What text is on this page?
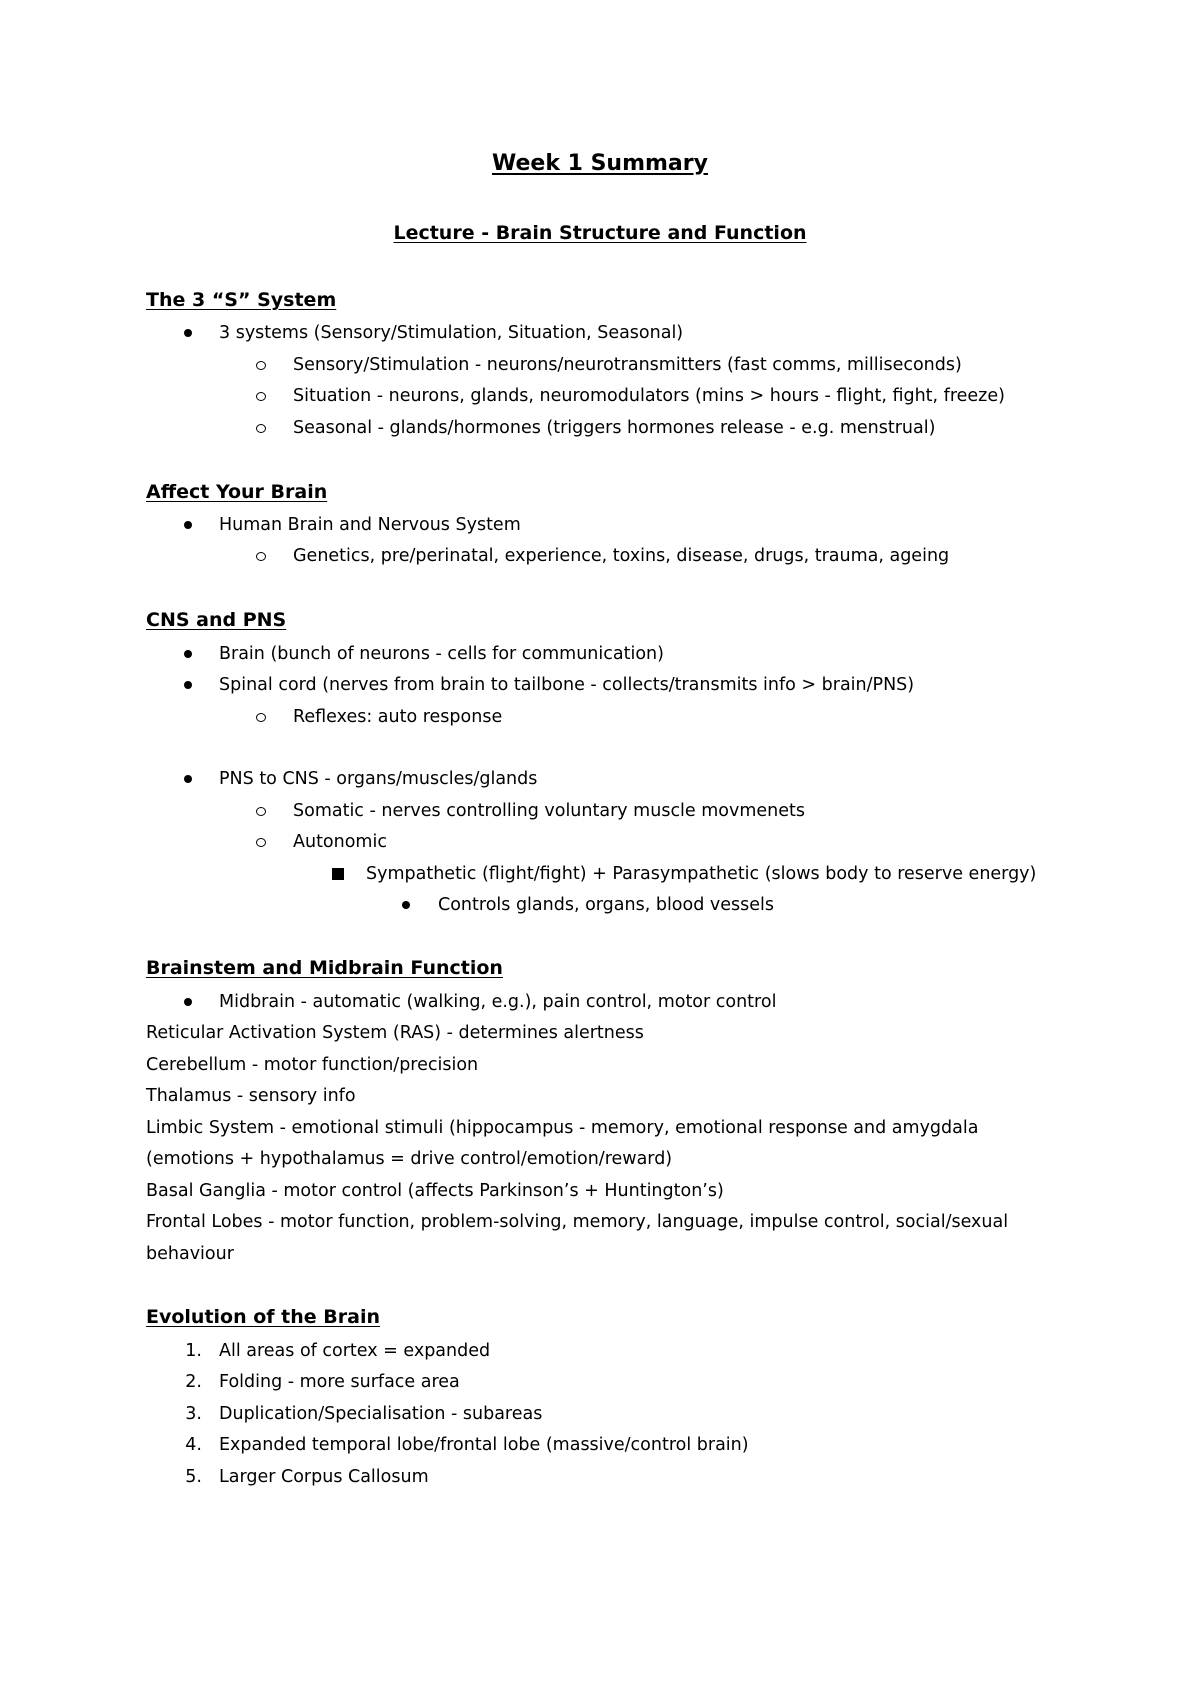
Week 1 Summary
Lecture - Brain Structure and Function
The 3 “S” System
3 systems (Sensory/Stimulation, Situation, Seasonal)
Sensory/Stimulation - neurons/neurotransmitters (fast comms, milliseconds)
Situation - neurons, glands, neuromodulators (mins > hours - flight, fight, freeze)
Seasonal - glands/hormones (triggers hormones release - e.g. menstrual)
Affect Your Brain
Human Brain and Nervous System
Genetics, pre/perinatal, experience, toxins, disease, drugs, trauma, ageing
CNS and PNS
Brain (bunch of neurons - cells for communication)
Spinal cord (nerves from brain to tailbone - collects/transmits info > brain/PNS)
Reflexes: auto response
PNS to CNS - organs/muscles/glands
Somatic - nerves controlling voluntary muscle movmenets
Autonomic
Sympathetic (flight/fight) + Parasympathetic (slows body to reserve energy)
Controls glands, organs, blood vessels
Brainstem and Midbrain Function
Midbrain - automatic (walking, e.g.), pain control, motor control
Reticular Activation System (RAS) - determines alertness
Cerebellum - motor function/precision
Thalamus - sensory info
Limbic System - emotional stimuli (hippocampus - memory, emotional response and amygdala
(emotions + hypothalamus = drive control/emotion/reward)
Basal Ganglia - motor control (affects Parkinson’s + Huntington’s)
Frontal Lobes - motor function, problem-solving, memory, language, impulse control, social/sexual
behaviour
Evolution of the Brain
1. All areas of cortex = expanded
2. Folding - more surface area
3. Duplication/Specialisation - subareas
4. Expanded temporal lobe/frontal lobe (massive/control brain)
5. Larger Corpus Callosum
